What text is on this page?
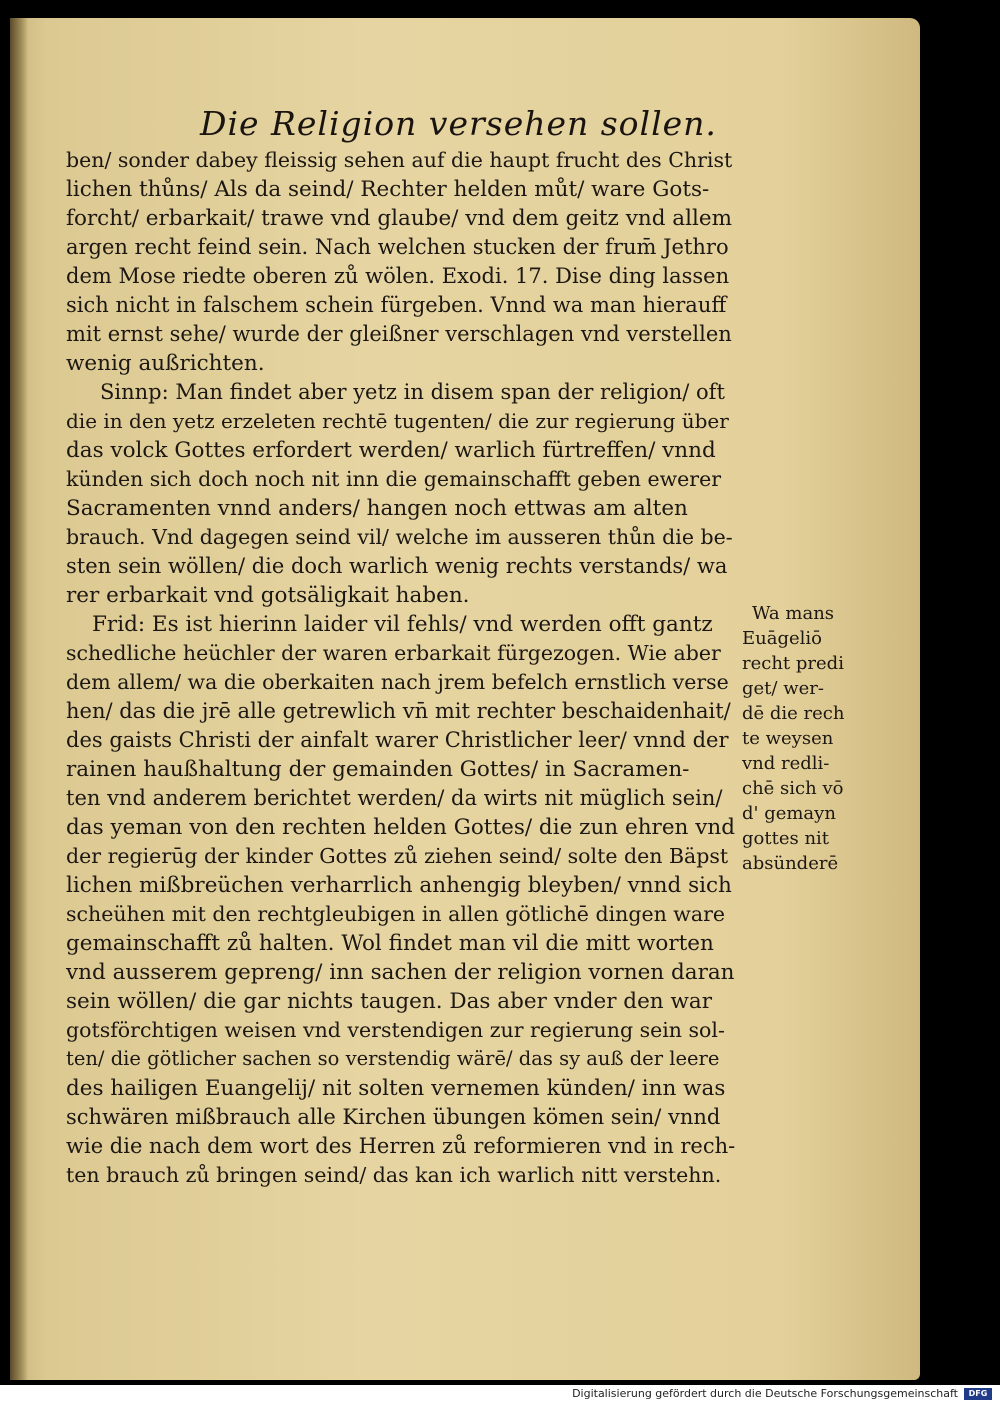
Die Religion versehen sollen.
ben/ sonder dabey fleissig sehen auf die haupt frucht des Christ
lichen thůns/ Als da seind/ Rechter helden můt/ ware Gots-
forcht/ erbarkait/ trawe vnd glaube/ vnd dem geitz vnd allem
argen recht feind sein. Nach welchen stucken der frum̄ Jethro
dem Mose riedte oberen zů wölen. Exodi. 17. Dise ding lassen
sich nicht in falschem schein fürgeben. Vnnd wa man hierauff
mit ernst sehe/ wurde der gleißner verschlagen vnd verstellen
wenig außrichten.
Sinnp: Man findet aber yetz in disem span der religion/ oft
die in den yetz erzeleten rechtē tugenten/ die zur regierung über
das volck Gottes erfordert werden/ warlich fürtreffen/ vnnd
künden sich doch noch nit inn die gemainschafft geben ewerer
Sacramenten vnnd anders/ hangen noch ettwas am alten
brauch. Vnd dagegen seind vil/ welche im ausseren thůn die be-
sten sein wöllen/ die doch warlich wenig rechts verstands/ wa
rer erbarkait vnd gotsäligkait haben.
Frid: Es ist hierinn laider vil fehls/ vnd werden offt gantz
schedliche heüchler der waren erbarkait fürgezogen. Wie aber
dem allem/ wa die oberkaiten nach jrem befelch ernstlich verse
hen/ das die jrē alle getrewlich vn̄ mit rechter beschaidenhait/
des gaists Christi der ainfalt warer Christlicher leer/ vnnd der
rainen haußhaltung der gemainden Gottes/ in Sacramen-
ten vnd anderem berichtet werden/ da wirts nit müglich sein/
das yeman von den rechten helden Gottes/ die zun ehren vnd
der regierūg der kinder Gottes zů ziehen seind/ solte den Bäpst
lichen mißbreüchen verharrlich anhengig bleyben/ vnnd sich
scheühen mit den rechtgleubigen in allen götlichē dingen ware
gemainschafft zů halten. Wol findet man vil die mitt worten
vnd ausserem gepreng/ inn sachen der religion vornen daran
sein wöllen/ die gar nichts taugen. Das aber vnder den war
gotsförchtigen weisen vnd verstendigen zur regierung sein sol-
ten/ die götlicher sachen so verstendig wärē/ das sy auß der leere
des hailigen Euangelij/ nit solten vernemen künden/ inn was
schwären mißbrauch alle Kirchen übungen kömen sein/ vnnd
wie die nach dem wort des Herren zů reformieren vnd in rech-
ten brauch zů bringen seind/ das kan ich warlich nitt verstehn.
Wa mans
Euāgeliō
recht predi
get/ wer-
dē die rech
te weysen
vnd redli-
chē sich vō
d' gemayn
gottes nit
absünderē
Digitalisierung gefördert durch die Deutsche Forschungsgemeinschaft	DFG
